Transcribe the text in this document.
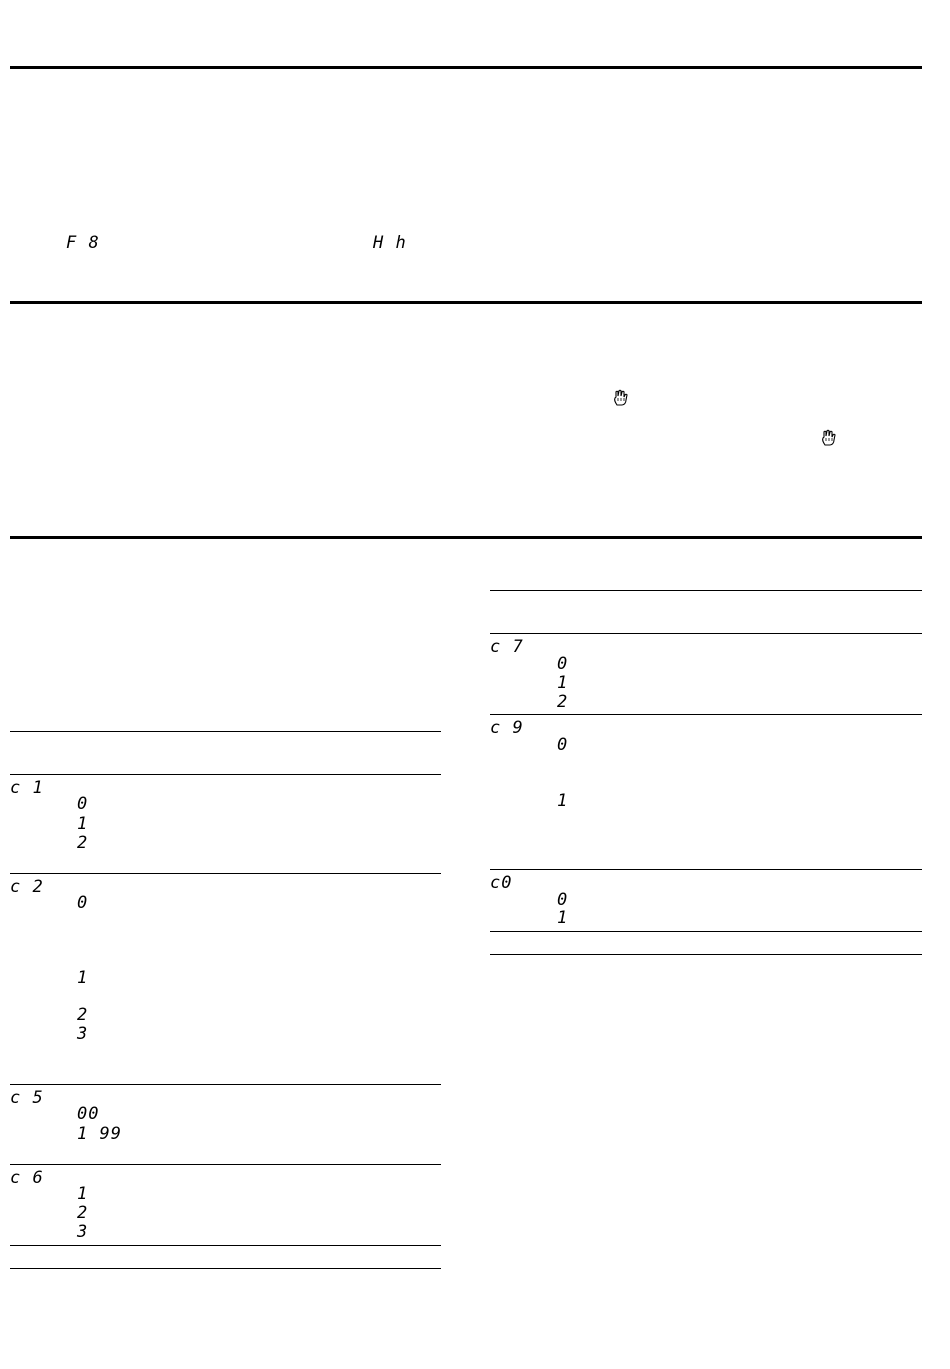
F 8	H h
c 1
0
1
2
c 2
0
1
2
3
c 5
00
1 99
c 6
1
2
3
c 7
0
1
2
c 9
0
1
c0
0
1
